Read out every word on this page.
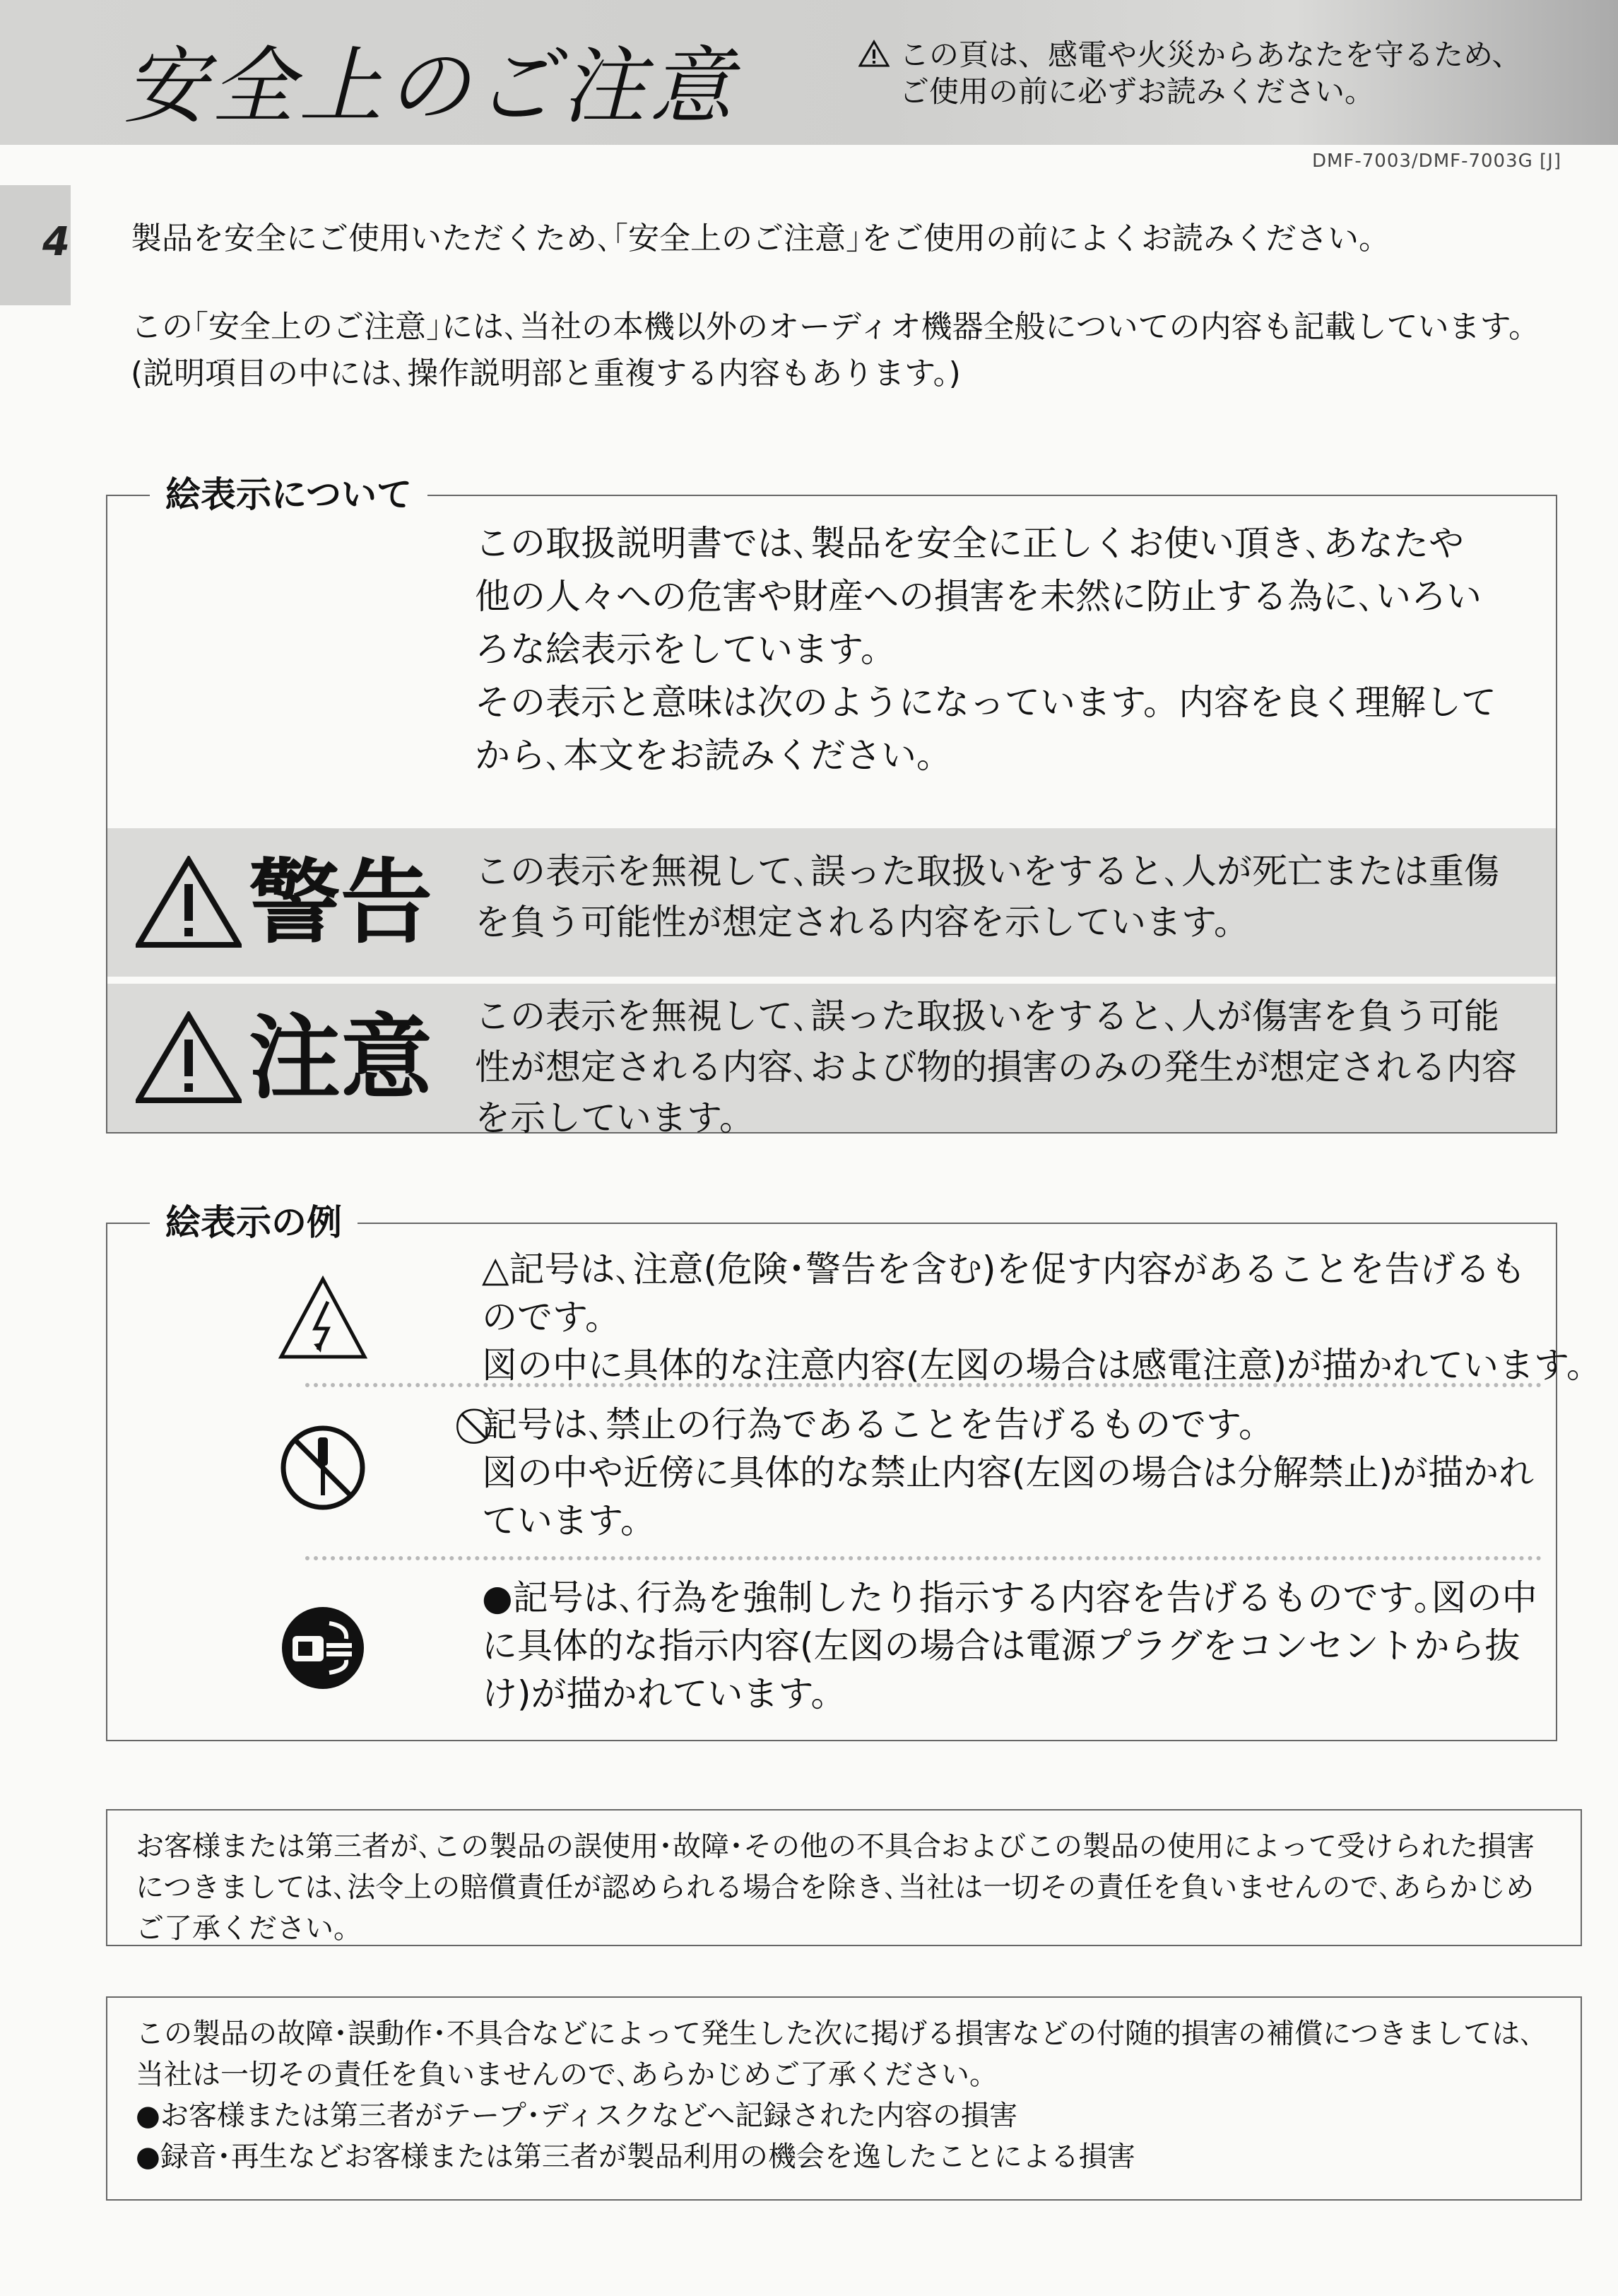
安全上のご注意	この頁は、感電や火災からあなたを守るため、
ご使用の前に必ずお読みください。
DMF-7003/DMF-7003G [J]
4 製品を安全にご使用いただくため､｢安全上のご注意｣をご使用の前によくお読みください。
この｢安全上のご注意｣には､当社の本機以外のオーディオ機器全般についての内容も記載しています。
(説明項目の中には､操作説明部と重複する内容もあります。)
絵表示について
この取扱説明書では､製品を安全に正しくお使い頂き､あなたや
他の人々への危害や財産への損害を未然に防止する為に､いろい
ろな絵表示をしています。
その表示と意味は次のようになっています。内容を良く理解して
から､本文をお読みください。
警告 この表示を無視して､誤った取扱いをすると､人が死亡または重傷
を負う可能性が想定される内容を示しています。
注意 この表示を無視して､誤った取扱いをすると､人が傷害を負う可能
性が想定される内容､および物的損害のみの発生が想定される内容
を示しています。
絵表示の例
△記号は､注意(危険･警告を含む)を促す内容があることを告げるも
のです。
図の中に具体的な注意内容(左図の場合は感電注意)が描かれています。
⃠記号は､禁止の行為であることを告げるものです。
図の中や近傍に具体的な禁止内容(左図の場合は分解禁止)が描かれ
ています。
●記号は､行為を強制したり指示する内容を告げるものです｡図の中
に具体的な指示内容(左図の場合は電源プラグをコンセントから抜
け)が描かれています。
お客様または第三者が､この製品の誤使用･故障･その他の不具合およびこの製品の使用によって受けられた損害
につきましては､法令上の賠償責任が認められる場合を除き､当社は一切その責任を負いませんので､あらかじめ
ご了承ください。
この製品の故障･誤動作･不具合などによって発生した次に掲げる損害などの付随的損害の補償につきましては､
当社は一切その責任を負いませんので､あらかじめご了承ください。
●お客様または第三者がテープ･ディスクなどへ記録された内容の損害
●録音･再生などお客様または第三者が製品利用の機会を逸したことによる損害
